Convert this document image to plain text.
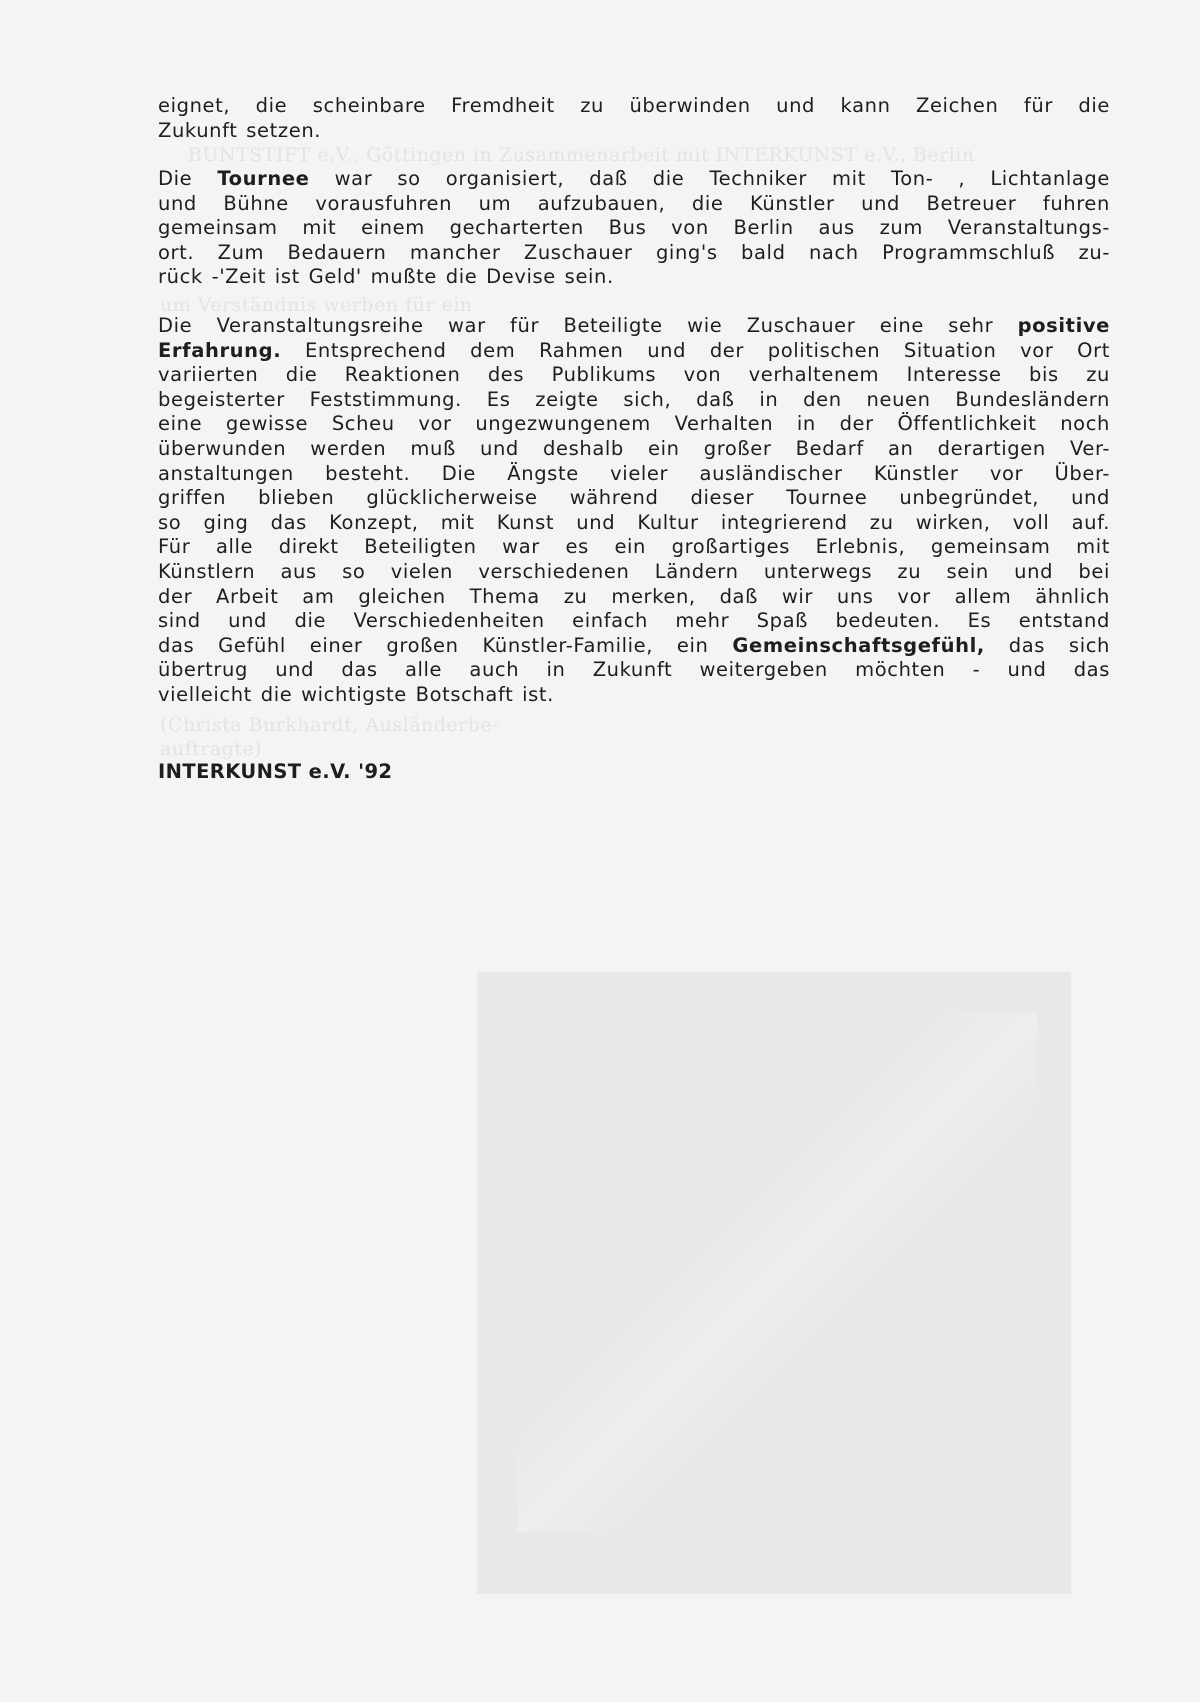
BUNTSTIFT e.V., Göttingen in Zusammenarbeit mit INTERKUNST e.V., Berlin
um Verständnis werben für ein
(Christa Burkhardt, Ausländerbe-
auftragte)
eignet, die scheinbare Fremdheit zu überwinden und kann Zeichen für die
Zukunft setzen.
Die Tournee war so organisiert, daß die Techniker mit Ton- , Lichtanlage
und Bühne vorausfuhren um aufzubauen, die Künstler und Betreuer fuhren
gemeinsam mit einem gecharterten Bus von Berlin aus zum Veranstaltungs-
ort. Zum Bedauern mancher Zuschauer ging's bald nach Programmschluß zu-
rück -'Zeit ist Geld' mußte die Devise sein.
Die Veranstaltungsreihe war für Beteiligte wie Zuschauer eine sehr positive
Erfahrung. Entsprechend dem Rahmen und der politischen Situation vor Ort
variierten die Reaktionen des Publikums von verhaltenem Interesse bis zu
begeisterter Feststimmung. Es zeigte sich, daß in den neuen Bundesländern
eine gewisse Scheu vor ungezwungenem Verhalten in der Öffentlichkeit noch
überwunden werden muß und deshalb ein großer Bedarf an derartigen Ver-
anstaltungen besteht. Die Ängste vieler ausländischer Künstler vor Über-
griffen blieben glücklicherweise während dieser Tournee unbegründet, und
so ging das Konzept, mit Kunst und Kultur integrierend zu wirken, voll auf.
Für alle direkt Beteiligten war es ein großartiges Erlebnis, gemeinsam mit
Künstlern aus so vielen verschiedenen Ländern unterwegs zu sein und bei
der Arbeit am gleichen Thema zu merken, daß wir uns vor allem ähnlich
sind und die Verschiedenheiten einfach mehr Spaß bedeuten. Es entstand
das Gefühl einer großen Künstler-Familie, ein Gemeinschaftsgefühl, das sich
übertrug und das alle auch in Zukunft weitergeben möchten - und das
vielleicht die wichtigste Botschaft ist.
INTERKUNST e.V. '92
